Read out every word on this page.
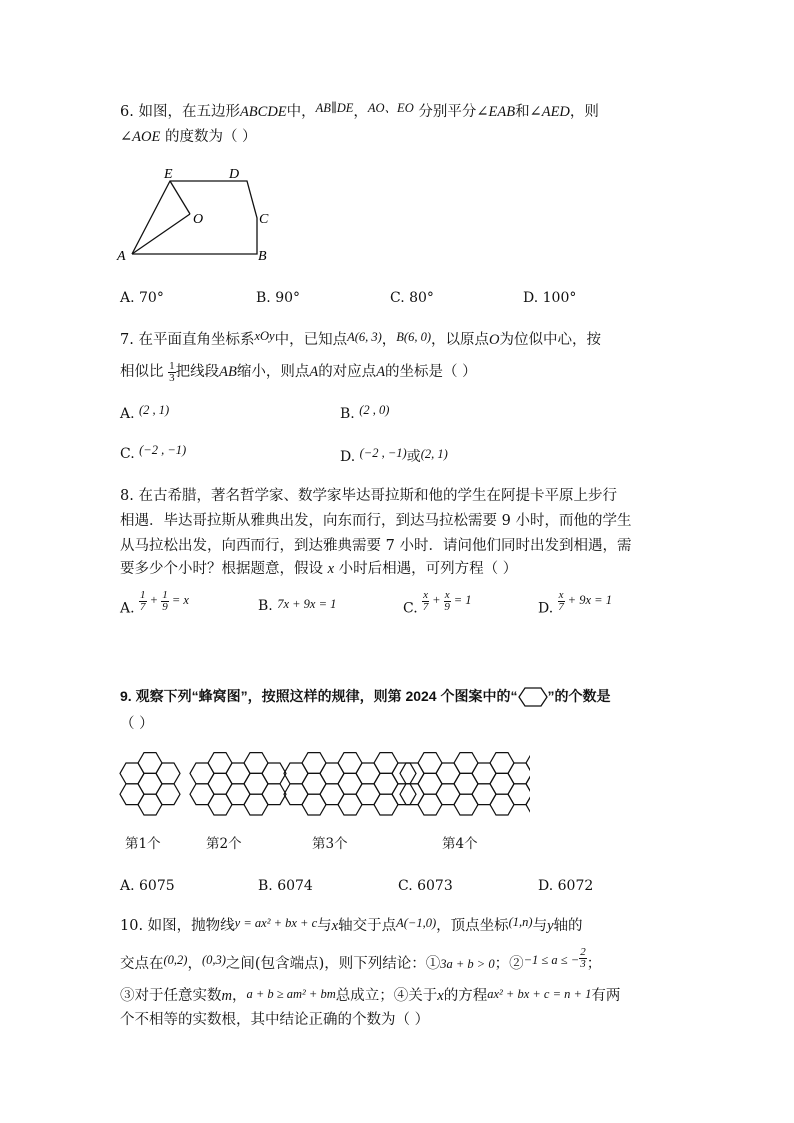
6. 如图，在五边形ABCDE中，AB∥DE，AO、EO 分别平分∠EAB和∠AED，则
∠AOE 的度数为（ ）
A	B
C
D
E
O
A. 70°	B. 90°	C. 80°	D. 100°
7. 在平面直角坐标系xOy中，已知点A(6, 3)，B(6, 0)，以原点O为位似中心，按
相似比 $\frac{1}{3}$ 把线段AB缩小，则点A的对应点A的坐标是（ ）
A. (2 , 1)	B. (2 , 0)
C. (−2 , −1)	D. (−2 , −1)或(2, 1)
8. 在古希腊，著名哲学家、数学家毕达哥拉斯和他的学生在阿提卡平原上步行
相遇．毕达哥拉斯从雅典出发，向东而行，到达马拉松需要 9 小时，而他的学生
从马拉松出发，向西而行，到达雅典需要 7 小时．请问他们同时出发到相遇，需
要多少个小时？根据题意，假设 x 小时后相遇，可列方程（ ）
A. $\frac{1}{7} + \frac{1}{9} = x$	B. 7x + 9x = 1	C. $\frac{x}{7} + \frac{x}{9} = 1$	D. $\frac{x}{7} + 9x = 1$
9. 观察下列“蜂窝图”，按照这样的规律，则第 2024 个图案中的“ ”的个数是
（ ）
第1个	第2个	第3个	第4个
A. 6075	B. 6074	C. 6073	D. 6072
10. 如图，抛物线y = ax² + bx + c与x轴交于点A(−1,0)，顶点坐标(1,n)与y轴的
交点在(0,2)，(0,3)之间(包含端点)，则下列结论：①3a + b > 0；②−1 ≤ a ≤ − $\frac{2}{3}$ ；
③对于任意实数m，a + b ≥ am² + bm总成立；④关于x的方程ax² + bx + c = n + 1有两
个不相等的实数根，其中结论正确的个数为（ ）
